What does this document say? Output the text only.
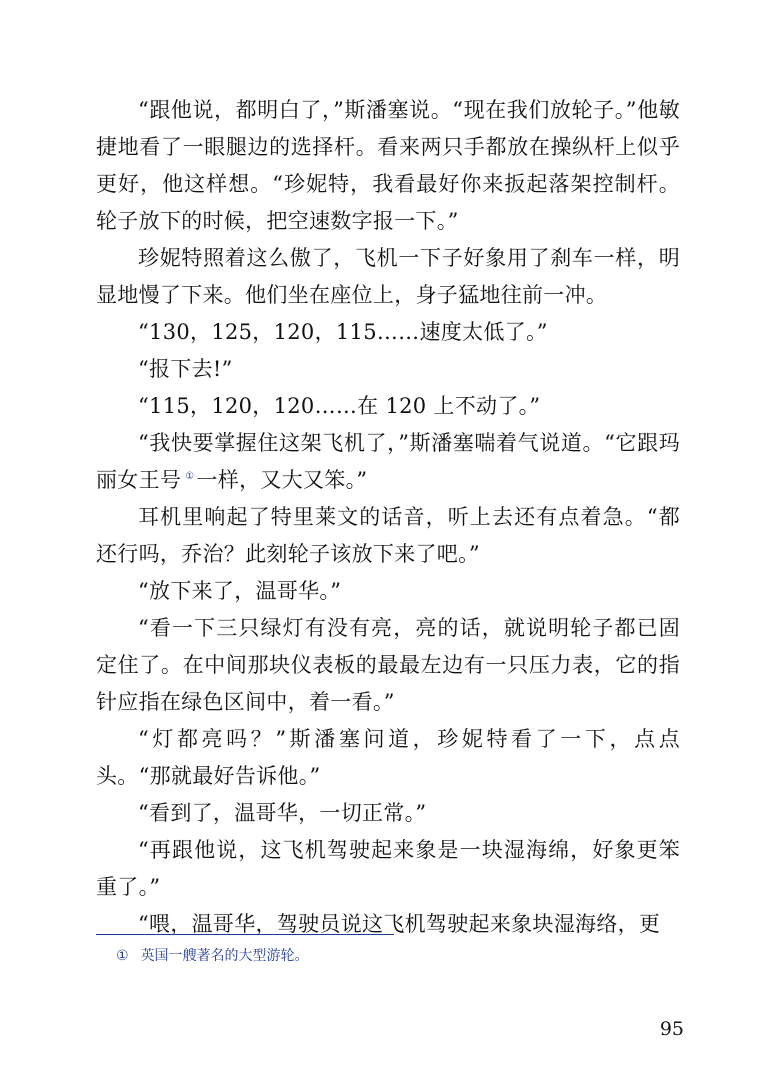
“跟他说，都明白了，”斯潘塞说。“现在我们放轮子。”他敏捷地看了一眼腿边的选择杆。看来两只手都放在操纵杆上似乎更好，他这样想。“珍妮特，我看最好你来扳起落架控制杆。轮子放下的时候，把空速数字报一下。”

珍妮特照着这么傲了，飞机一下子好象用了刹车一样，明显地慢了下来。他们坐在座位上，身子猛地往前一冲。

“130，125，120，115……速度太低了。”

“报下去!”

“115，120，120……在 120 上不动了。”

“我快要掌握住这架飞机了，”斯潘塞喘着气说道。“它跟玛丽女王号 ①一样，又大又笨。”

耳机里响起了特里莱文的话音，听上去还有点着急。“都还行吗，乔治？此刻轮子该放下来了吧。”

“放下来了，温哥华。”

“看一下三只绿灯有没有亮，亮的话，就说明轮子都已固定住了。在中间那块仪表板的最最左边有一只压力表，它的指针应指在绿色区间中，着一看。”

“灯都亮吗？”斯潘塞问道，珍妮特看了一下，点点头。“那就最好告诉他。”

“看到了，温哥华，一切正常。”

“再跟他说，这飞机驾驶起来象是一块湿海绵，好象更笨重了。”

“喂，温哥华，驾驶员说这飞机驾驶起来象块湿海络，更

① 英国一艘著名的大型游轮。
95
